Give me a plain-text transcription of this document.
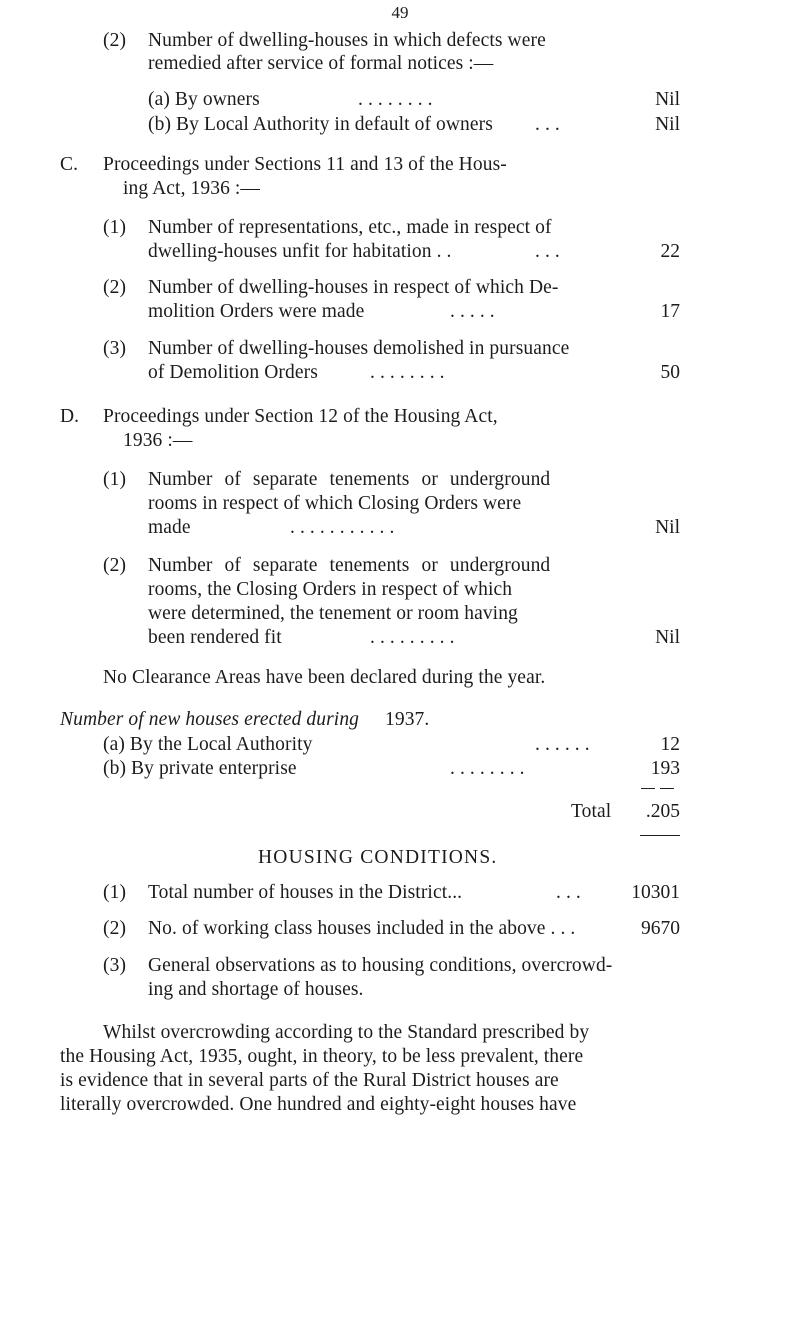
49
(2) Number of dwelling-houses in which defects were
remedied after service of formal notices :—
(a) By owners	. . . . . . . .	Nil
(b) By Local Authority in default of owners . . .	Nil
C. Proceedings under Sections 11 and 13 of the Hous-
ing Act, 1936 :—
(1) Number of representations, etc., made in respect of
dwelling-houses unfit for habitation . .	. . .	22
(2) Number of dwelling-houses in respect of which De-
molition Orders were made	. . . . .	17
(3) Number of dwelling-houses demolished in pursuance
of Demolition Orders	. . . . . . . .	50
D. Proceedings under Section 12 of the Housing Act,
1936 :—
(1) Number of separate tenements or underground
rooms in respect of which Closing Orders were
made	. . . . . . . . . . .	Nil
(2) Number of separate tenements or underground
rooms, the Closing Orders in respect of which
were determined, the tenement or room having
been rendered fit	. . . . . . . . .	Nil
No Clearance Areas have been declared during the year.
Number of new houses erected during 1937.
(a) By the Local Authority	. . . . . .	12
(b) By private enterprise	. . . . . . . .	193
Total	.205
HOUSING CONDITIONS.
(1) Total number of houses in the District...	. . .	10301
(2) No. of working class houses included in the above . . .	9670
(3) General observations as to housing conditions, overcrowd-
ing and shortage of houses.
Whilst overcrowding according to the Standard prescribed by
the Housing Act, 1935, ought, in theory, to be less prevalent, there
is evidence that in several parts of the Rural District houses are
literally overcrowded. One hundred and eighty-eight houses have
